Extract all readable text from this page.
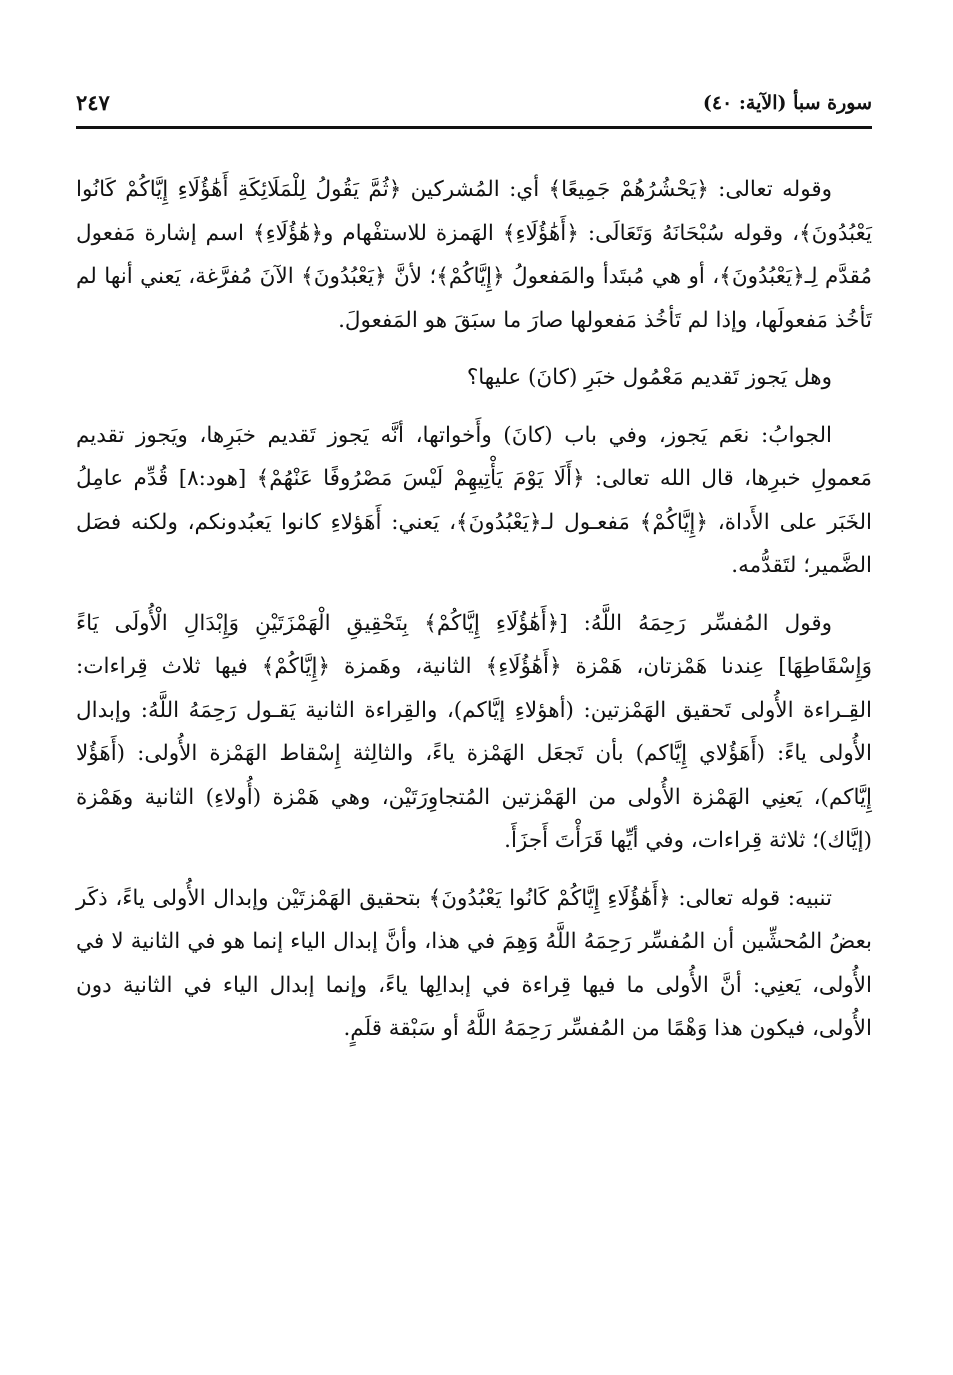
سورة سبأ (الآية: ٤٠)
٢٤٧

وقوله تعالى: ﴿يَحْشُرُهُمْ جَمِيعًا﴾ أي: المُشركين ﴿ثُمَّ يَقُولُ لِلْمَلَائِكَةِ أَهَٰؤُلَاءِ إِيَّاكُمْ كَانُوا يَعْبُدُونَ﴾، وقوله سُبْحَانَهُ وَتَعَالَى: ﴿أَهَٰؤُلَاءِ﴾ الهَمزة للاستفْهام و﴿هَٰؤُلَاءِ﴾ اسم إشارة مَفعول مُقدَّم لِـ﴿يَعْبُدُونَ﴾، أو هي مُبتَدأ والمَفعولُ ﴿إِيَّاكُمْ﴾؛ لأنَّ ﴿يَعْبُدُونَ﴾ الآنَ مُفرَّغة، يَعني أنها لم تَأخُذ مَفعولَها، وإذا لم تَأخُذ مَفعولها صارَ ما سبَقَ هو المَفعولَ.

وهل يَجوز تَقديم مَعْمُول خبَرِ (كانَ) عليها؟

الجوابُ: نعَم يَجوز، وفي باب (كانَ) وأَخواتها، أنَّه يَجوز تَقديم خبَرِها، ويَجوز تقديم مَعمولِ خبرِها، قال الله تعالى: ﴿أَلَا يَوْمَ يَأْتِيهِمْ لَيْسَ مَصْرُوفًا عَنْهُمْ﴾ [هود:٨] قُدِّم عامِلُ الخَبَر على الأَداة، ﴿إِيَّاكُمْ﴾ مَفعـول لـ﴿يَعْبُدُونَ﴾، يَعني: أَهَؤلاءِ كانوا يَعبُدونكم، ولكنه فصَل الضَّمير؛ لتَقدُّمه.

وقول المُفسِّر رَحِمَهُ اللَّهُ: [﴿أَهَٰؤُلَاءِ إِيَّاكُمْ﴾ بِتَحْقِيقِ الْهَمْزَتَيْنِ وَإِبْدَالِ الْأُولَى يَاءً وَإِسْقَاطِهَا] عِندنا هَمْزتان، هَمْزة ﴿أَهَٰؤُلَاءِ﴾ الثانية، وهَمزة ﴿إِيَّاكُمْ﴾ فيها ثلاث قِراءات: القِـراءة الأُولى تَحقيق الهَمْزتين: (أهؤلاءِ إيَّاكم)، والقِراءة الثانية يَقـول رَحِمَهُ اللَّهُ: وإبدال الأُولى ياءً: (أَهَؤُلاي إِيَّاكم) بأن تَجعَل الهَمْزة ياءً، والثالِثة إِسْقاط الهَمْزة الأُولى: (أَهَؤُلا إِيَّاكم)، يَعنِي الهَمْزة الأُولى من الهَمْزتين المُتجاوِرَتَيْن، وهي هَمْزة (أُولاءِ) الثانية وهَمْزة (إيَّاك)؛ ثلاثة قِراءات، وفي أيِّها قَرَأْتَ أَجزَأَ.

تنبيه: قوله تعالى: ﴿أَهَٰؤُلَاءِ إِيَّاكُمْ كَانُوا يَعْبُدُونَ﴾ بتحقيق الهَمْزتَيْن وإبدال الأُولى ياءً، ذكَر بعضُ المُحشِّين أن المُفسِّر رَحِمَهُ اللَّهُ وَهِمَ في هذا، وأنَّ إبدال الياء إنما هو في الثانية لا في الأُولى، يَعنِي: أنَّ الأُولى ما فيها قِراءة في إبدالِها ياءً، وإنما إبدال الياء في الثانية دون الأُولى، فيكون هذا وَهْمًا من المُفسِّر رَحِمَهُ اللَّهُ أو سَبْقة قلَمٍ.
